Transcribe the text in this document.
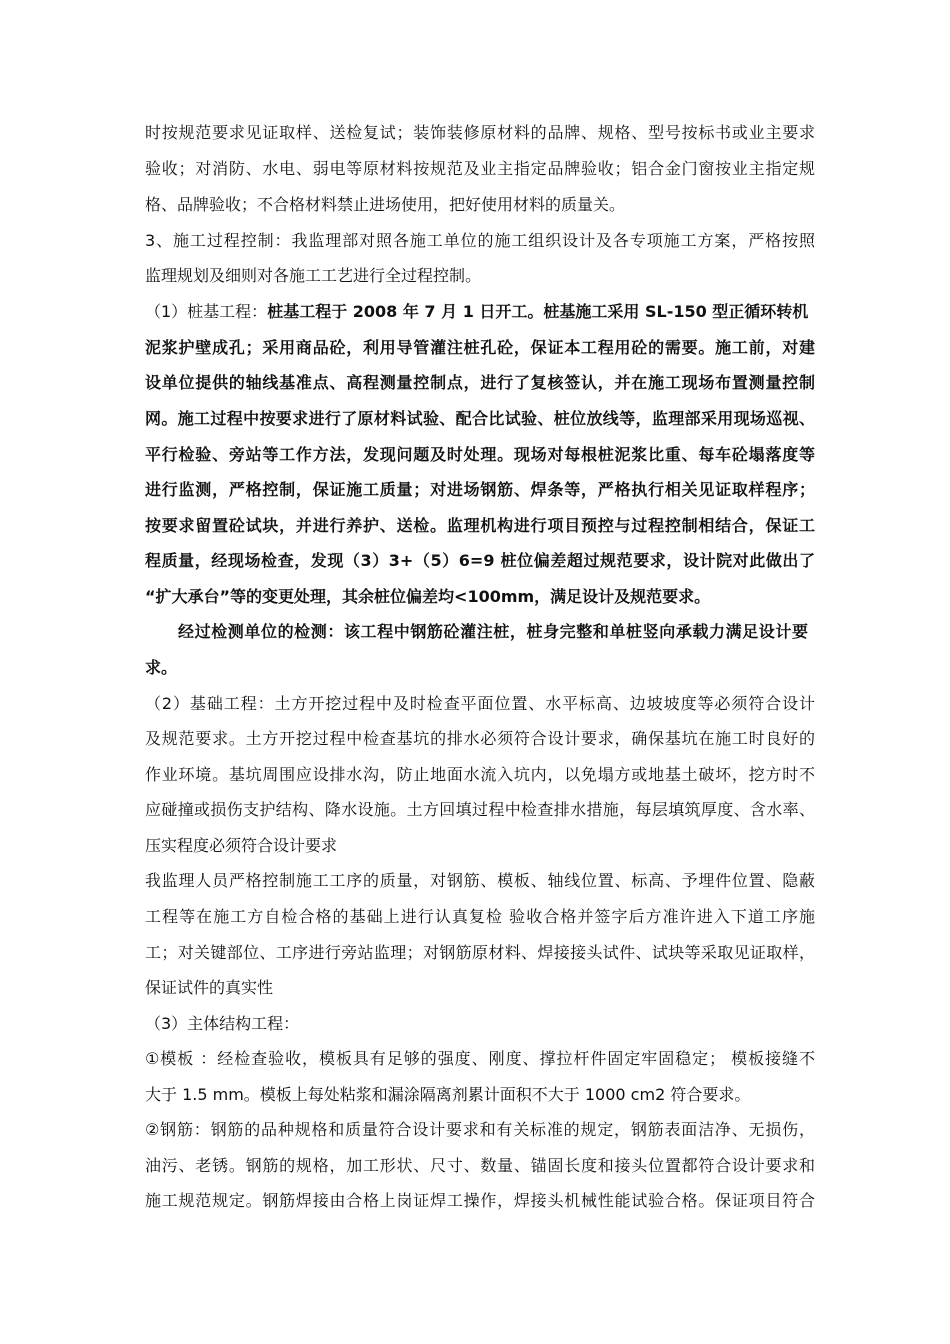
时按规范要求见证取样、送检复试；装饰装修原材料的品牌、规格、型号按标书或业主要求
验收；对消防、水电、弱电等原材料按规范及业主指定品牌验收；铝合金门窗按业主指定规
格、品牌验收；不合格材料禁止进场使用，把好使用材料的质量关。
3、施工过程控制：我监理部对照各施工单位的施工组织设计及各专项施工方案，严格按照
监理规划及细则对各施工工艺进行全过程控制。
（1）桩基工程：桩基工程于 2008 年 7 月 1 日开工。桩基施工采用 SL-150 型正循环转机
泥浆护壁成孔；采用商品砼，利用导管灌注桩孔砼，保证本工程用砼的需要。施工前，对建
设单位提供的轴线基准点、高程测量控制点，进行了复核签认，并在施工现场布置测量控制
网。施工过程中按要求进行了原材料试验、配合比试验、桩位放线等，监理部采用现场巡视、
平行检验、旁站等工作方法，发现问题及时处理。现场对每根桩泥浆比重、每车砼塌落度等
进行监测，严格控制，保证施工质量；对进场钢筋、焊条等，严格执行相关见证取样程序；
按要求留置砼试块，并进行养护、送检。监理机构进行项目预控与过程控制相结合，保证工
程质量，经现场检查，发现（3）3+（5）6=9 桩位偏差超过规范要求，设计院对此做出了
“扩大承台”等的变更处理，其余桩位偏差均<100mm，满足设计及规范要求。
经过检测单位的检测：该工程中钢筋砼灌注桩，桩身完整和单桩竖向承载力满足设计要
求。
（2）基础工程：土方开挖过程中及时检查平面位置、水平标高、边坡坡度等必须符合设计
及规范要求。土方开挖过程中检查基坑的排水必须符合设计要求，确保基坑在施工时良好的
作业环境。基坑周围应设排水沟，防止地面水流入坑内，以免塌方或地基土破坏，挖方时不
应碰撞或损伤支护结构、降水设施。土方回填过程中检查排水措施，每层填筑厚度、含水率、
压实程度必须符合设计要求
我监理人员严格控制施工工序的质量，对钢筋、模板、轴线位置、标高、予埋件位置、隐蔽
工程等在施工方自检合格的基础上进行认真复检 验收合格并签字后方准许进入下道工序施
工；对关键部位、工序进行旁站监理；对钢筋原材料、焊接接头试件、试块等采取见证取样，
保证试件的真实性
（3）主体结构工程：
①模板 ：经检查验收，模板具有足够的强度、刚度、撑拉杆件固定牢固稳定； 模板接缝不
大于 1.5 mm。模板上每处粘浆和漏涂隔离剂累计面积不大于 1000 cm2 符合要求。
②钢筋：钢筋的品种规格和质量符合设计要求和有关标准的规定，钢筋表面洁净、无损伤，
油污、老锈。钢筋的规格，加工形状、尺寸、数量、锚固长度和接头位置都符合设计要求和
施工规范规定。钢筋焊接由合格上岗证焊工操作，焊接头机械性能试验合格。保证项目符合
